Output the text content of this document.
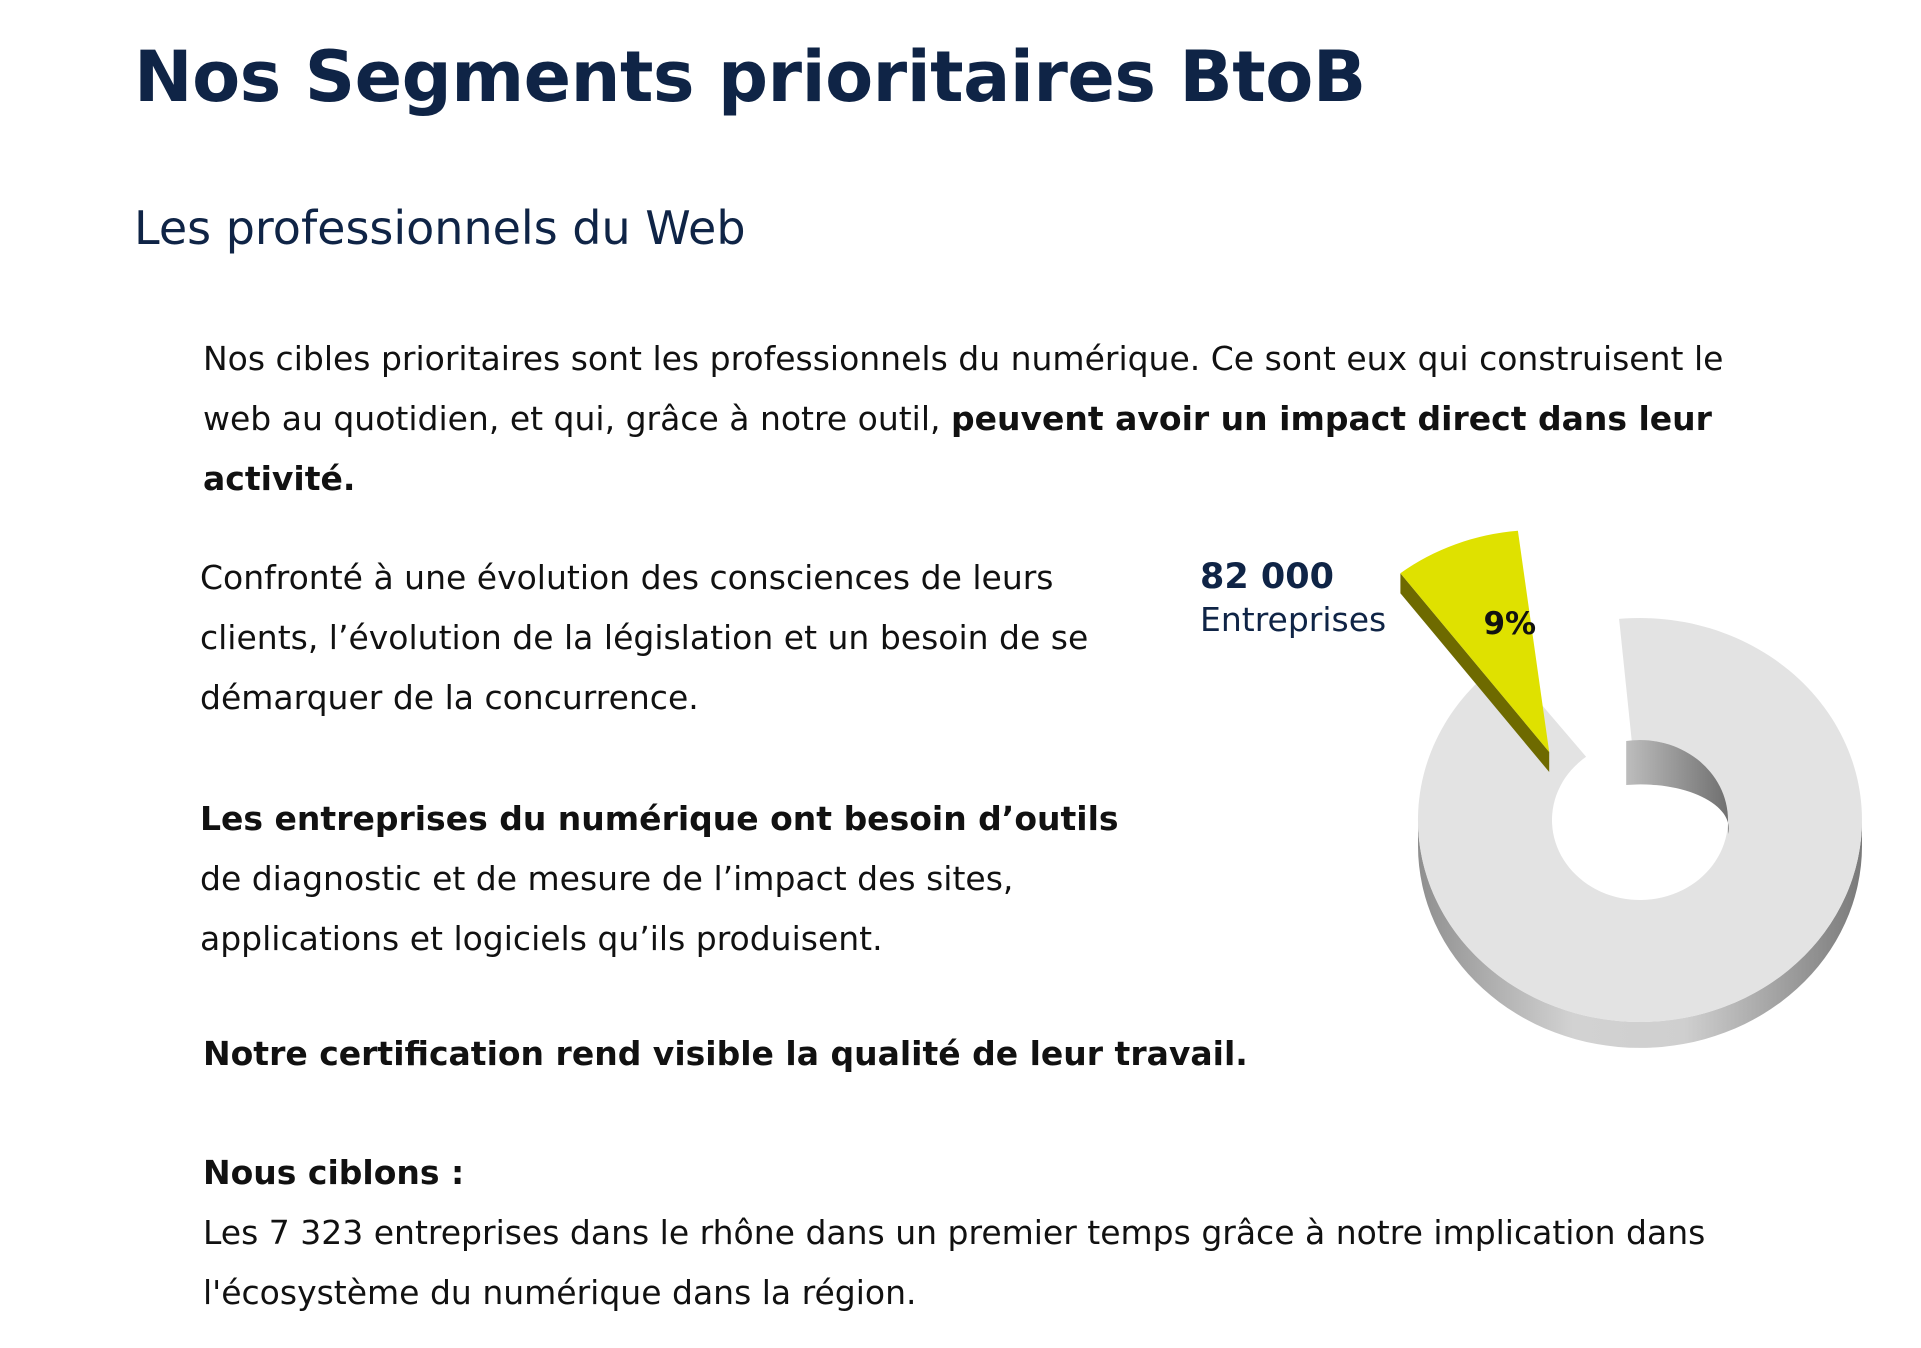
Nos Segments prioritaires BtoB
Les professionnels du Web

Nos cibles prioritaires sont les professionnels du numérique. Ce sont eux qui construisent le web au quotidien, et qui, grâce à notre outil, peuvent avoir un impact direct dans leur activité.

Confronté à une évolution des consciences de leurs clients, l’évolution de la législation et un besoin de se démarquer de la concurrence.

Les entreprises du numérique ont besoin d’outils
de diagnostic et de mesure de l’impact des sites, applications et logiciels qu’ils produisent.

Notre certification rend visible la qualité de leur travail.

Nous ciblons :
Les 7 323 entreprises dans le rhône dans un premier temps grâce à notre implication dans l'écosystème du numérique dans la région.

9%
82 000
Entreprises
